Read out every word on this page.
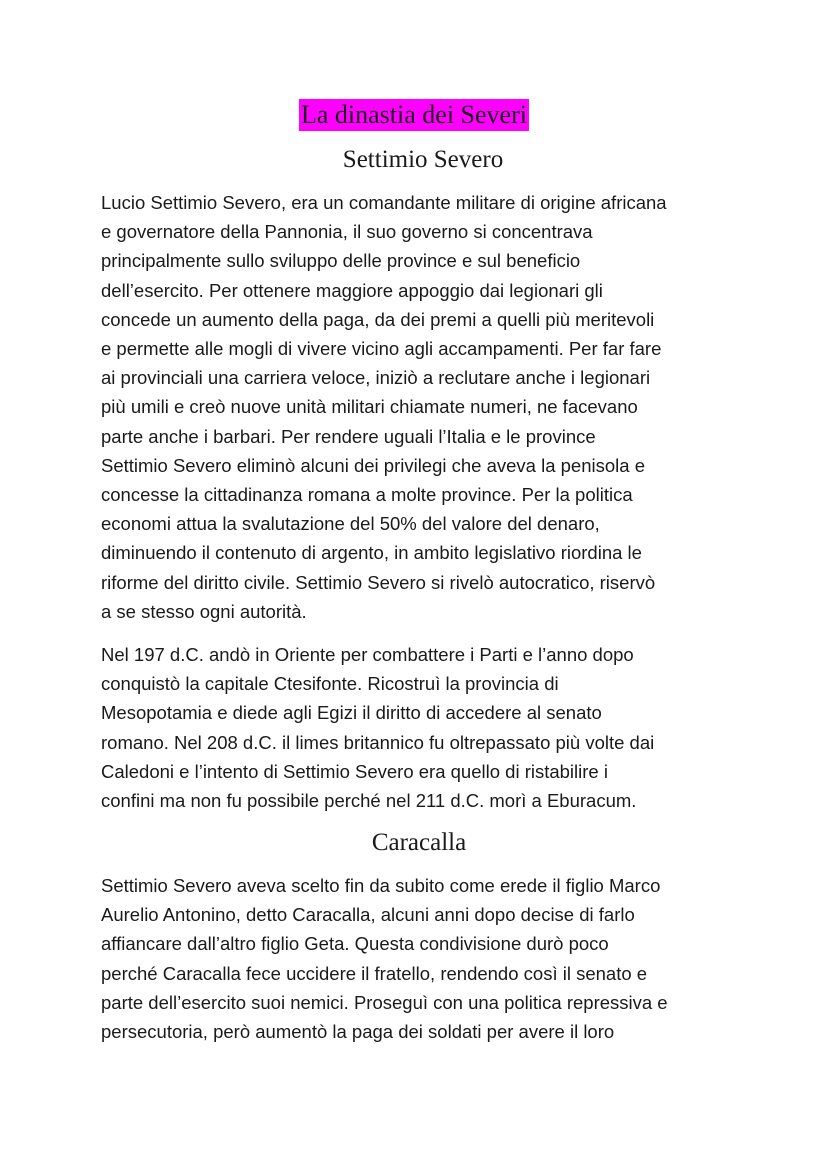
La dinastia dei Severi
Settimio Severo

Lucio Settimio Severo, era un comandante militare di origine africana
e governatore della Pannonia, il suo governo si concentrava
principalmente sullo sviluppo delle province e sul beneficio
dell’esercito. Per ottenere maggiore appoggio dai legionari gli
concede un aumento della paga, da dei premi a quelli più meritevoli
e permette alle mogli di vivere vicino agli accampamenti. Per far fare
ai provinciali una carriera veloce, iniziò a reclutare anche i legionari
più umili e creò nuove unità militari chiamate numeri, ne facevano
parte anche i barbari. Per rendere uguali l’Italia e le province
Settimio Severo eliminò alcuni dei privilegi che aveva la penisola e
concesse la cittadinanza romana a molte province. Per la politica
economi attua la svalutazione del 50% del valore del denaro,
diminuendo il contenuto di argento, in ambito legislativo riordina le
riforme del diritto civile. Settimio Severo si rivelò autocratico, riservò
a se stesso ogni autorità.

Nel 197 d.C. andò in Oriente per combattere i Parti e l’anno dopo
conquistò la capitale Ctesifonte. Ricostruì la provincia di
Mesopotamia e diede agli Egizi il diritto di accedere al senato
romano. Nel 208 d.C. il limes britannico fu oltrepassato più volte dai
Caledoni e l’intento di Settimio Severo era quello di ristabilire i
confini ma non fu possibile perché nel 211 d.C. morì a Eburacum.

Caracalla

Settimio Severo aveva scelto fin da subito come erede il figlio Marco
Aurelio Antonino, detto Caracalla, alcuni anni dopo decise di farlo
affiancare dall’altro figlio Geta. Questa condivisione durò poco
perché Caracalla fece uccidere il fratello, rendendo così il senato e
parte dell’esercito suoi nemici. Proseguì con una politica repressiva e
persecutoria, però aumentò la paga dei soldati per avere il loro
